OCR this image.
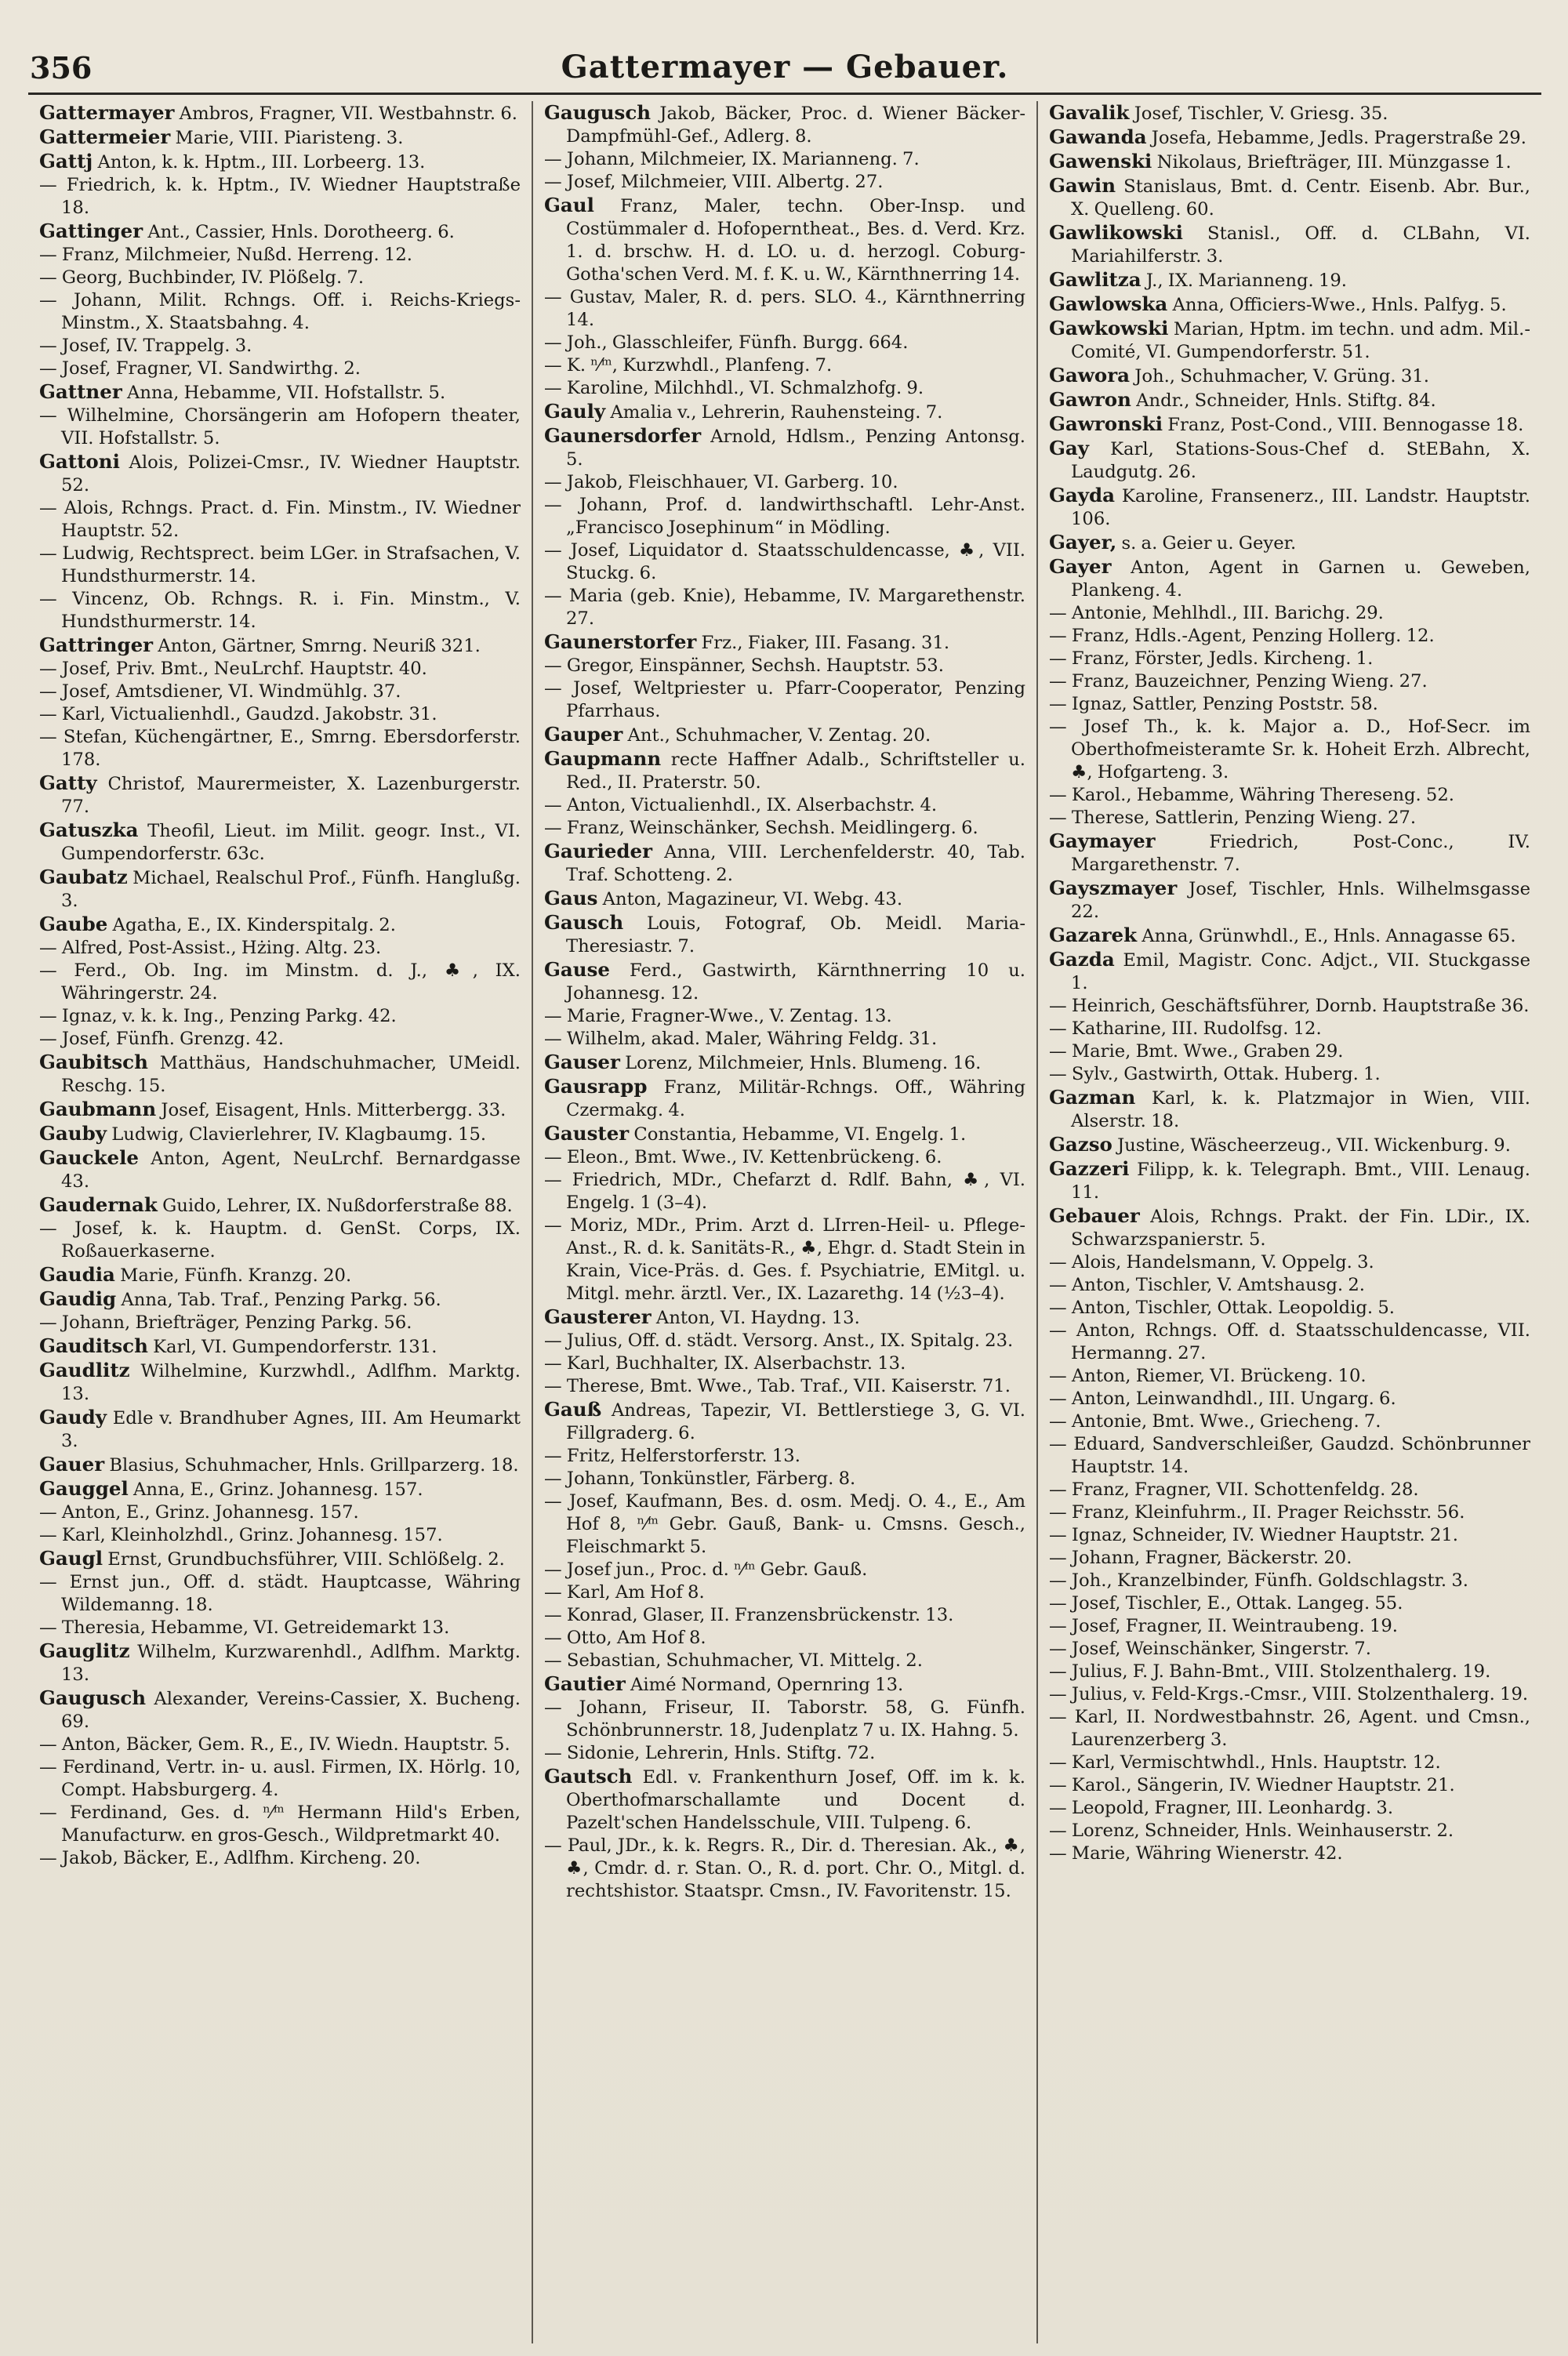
356	Gattermayer — Gebauer.

Gattermayer Ambros, Fragner, VII. Westbahnstr. 6.

Gattermeier Marie, VIII. Piaristeng. 3.

Gattj Anton, k. k. Hptm., III. Lorbeerg. 13.

— Friedrich, k. k. Hptm., IV. Wiedner Hauptstraße 18.

Gattinger Ant., Cassier, Hnls. Dorotheerg. 6.

— Franz, Milchmeier, Nußd. Herreng. 12.

— Georg, Buchbinder, IV. Plößelg. 7.

— Johann, Milit. Rchngs. Off. i. Reichs-Kriegs-Minstm., X. Staatsbahng. 4.

— Josef, IV. Trappelg. 3.

— Josef, Fragner, VI. Sandwirthg. 2.

Gattner Anna, Hebamme, VII. Hofstallstr. 5.

— Wilhelmine, Chorsängerin am Hofopern theater, VII. Hofstallstr. 5.

Gattoni Alois, Polizei-Cmsr., IV. Wiedner Hauptstr. 52.

— Alois, Rchngs. Pract. d. Fin. Minstm., IV. Wiedner Hauptstr. 52.

— Ludwig, Rechtsprect. beim LGer. in Strafsachen, V. Hundsthurmerstr. 14.

— Vincenz, Ob. Rchngs. R. i. Fin. Minstm., V. Hundsthurmerstr. 14.

Gattringer Anton, Gärtner, Smrng. Neuriß 321.

— Josef, Priv. Bmt., NeuLrchf. Hauptstr. 40.

— Josef, Amtsdiener, VI. Windmühlg. 37.

— Karl, Victualienhdl., Gaudzd. Jakobstr. 31.

— Stefan, Küchengärtner, E., Smrng. Ebersdorferstr. 178.

Gatty Christof, Maurermeister, X. Lazenburgerstr. 77.

Gatuszka Theofil, Lieut. im Milit. geogr. Inst., VI. Gumpendorferstr. 63c.

Gaubatz Michael, Realschul Prof., Fünfh. Hanglußg. 3.

Gaube Agatha, E., IX. Kinderspitalg. 2.

— Alfred, Post-Assist., Hżing. Altg. 23.

— Ferd., Ob. Ing. im Minstm. d. J., ♣, IX. Währingerstr. 24.

— Ignaz, v. k. k. Ing., Penzing Parkg. 42.

— Josef, Fünfh. Grenzg. 42.

Gaubitsch Matthäus, Handschuhmacher, UMeidl. Reschg. 15.

Gaubmann Josef, Eisagent, Hnls. Mitterbergg. 33.

Gauby Ludwig, Clavierlehrer, IV. Klagbaumg. 15.

Gauckele Anton, Agent, NeuLrchf. Bernardgasse 43.

Gaudernak Guido, Lehrer, IX. Nußdorferstraße 88.

— Josef, k. k. Hauptm. d. GenSt. Corps, IX. Roßauerkaserne.

Gaudia Marie, Fünfh. Kranzg. 20.

Gaudig Anna, Tab. Traf., Penzing Parkg. 56.

— Johann, Briefträger, Penzing Parkg. 56.

Gauditsch Karl, VI. Gumpendorferstr. 131.

Gaudlitz Wilhelmine, Kurzwhdl., Adlfhm. Marktg. 13.

Gaudy Edle v. Brandhuber Agnes, III. Am Heumarkt 3.

Gauer Blasius, Schuhmacher, Hnls. Grillparzerg. 18.

Gauggel Anna, E., Grinz. Johannesg. 157.

— Anton, E., Grinz. Johannesg. 157.

— Karl, Kleinholzhdl., Grinz. Johannesg. 157.

Gaugl Ernst, Grundbuchsführer, VIII. Schlößelg. 2.

— Ernst jun., Off. d. städt. Hauptcasse, Währing Wildemanng. 18.

— Theresia, Hebamme, VI. Getreidemarkt 13.

Gauglitz Wilhelm, Kurzwarenhdl., Adlfhm. Marktg. 13.

Gaugusch Alexander, Vereins-Cassier, X. Bucheng. 69.

— Anton, Bäcker, Gem. R., E., IV. Wiedn. Hauptstr. 5.

— Ferdinand, Vertr. in- u. ausl. Firmen, IX. Hörlg. 10, Compt. Habsburgerg. 4.

— Ferdinand, Ges. d. ⁿ⁄ᵐ Hermann Hild's Erben, Manufacturw. en gros-Gesch., Wildpretmarkt 40.

— Jakob, Bäcker, E., Adlfhm. Kircheng. 20.

Gaugusch Jakob, Bäcker, Proc. d. Wiener Bäcker-Dampfmühl-Gef., Adlerg. 8.

— Johann, Milchmeier, IX. Marianneng. 7.

— Josef, Milchmeier, VIII. Albertg. 27.

Gaul Franz, Maler, techn. Ober-Insp. und Costümmaler d. Hofoperntheat., Bes. d. Verd. Krz. 1. d. brschw. H. d. LO. u. d. herzogl. Coburg-Gotha'schen Verd. M. f. K. u. W., Kärnthnerring 14.

— Gustav, Maler, R. d. pers. SLO. 4., Kärnthnerring 14.

— Joh., Glasschleifer, Fünfh. Burgg. 664.

— K. ⁿ⁄ᵐ, Kurzwhdl., Planfeng. 7.

— Karoline, Milchhdl., VI. Schmalzhofg. 9.

Gauly Amalia v., Lehrerin, Rauhensteing. 7.

Gaunersdorfer Arnold, Hdlsm., Penzing Antonsg. 5.

— Jakob, Fleischhauer, VI. Garberg. 10.

— Johann, Prof. d. landwirthschaftl. Lehr-Anst. „Francisco Josephinum“ in Mödling.

— Josef, Liquidator d. Staatsschuldencasse, ♣, VII. Stuckg. 6.

— Maria (geb. Knie), Hebamme, IV. Margarethenstr. 27.

Gaunerstorfer Frz., Fiaker, III. Fasang. 31.

— Gregor, Einspänner, Sechsh. Hauptstr. 53.

— Josef, Weltpriester u. Pfarr-Cooperator, Penzing Pfarrhaus.

Gauper Ant., Schuhmacher, V. Zentag. 20.

Gaupmann recte Haffner Adalb., Schriftsteller u. Red., II. Praterstr. 50.

— Anton, Victualienhdl., IX. Alserbachstr. 4.

— Franz, Weinschänker, Sechsh. Meidlingerg. 6.

Gaurieder Anna, VIII. Lerchenfelderstr. 40, Tab. Traf. Schotteng. 2.

Gaus Anton, Magazineur, VI. Webg. 43.

Gausch Louis, Fotograf, Ob. Meidl. Maria-Theresiastr. 7.

Gause Ferd., Gastwirth, Kärnthnerring 10 u. Johannesg. 12.

— Marie, Fragner-Wwe., V. Zentag. 13.

— Wilhelm, akad. Maler, Währing Feldg. 31.

Gauser Lorenz, Milchmeier, Hnls. Blumeng. 16.

Gausrapp Franz, Militär-Rchngs. Off., Währing Czermakg. 4.

Gauster Constantia, Hebamme, VI. Engelg. 1.

— Eleon., Bmt. Wwe., IV. Kettenbrückeng. 6.

— Friedrich, MDr., Chefarzt d. Rdlf. Bahn, ♣, VI. Engelg. 1 (3–4).

— Moriz, MDr., Prim. Arzt d. LIrren-Heil- u. Pflege-Anst., R. d. k. Sanitäts-R., ♣, Ehgr. d. Stadt Stein in Krain, Vice-Präs. d. Ges. f. Psychiatrie, EMitgl. u. Mitgl. mehr. ärztl. Ver., IX. Lazarethg. 14 (½3–4).

Gausterer Anton, VI. Haydng. 13.

— Julius, Off. d. städt. Versorg. Anst., IX. Spitalg. 23.

— Karl, Buchhalter, IX. Alserbachstr. 13.

— Therese, Bmt. Wwe., Tab. Traf., VII. Kaiserstr. 71.

Gauß Andreas, Tapezir, VI. Bettlerstiege 3, G. VI. Fillgraderg. 6.

— Fritz, Helferstorferstr. 13.

— Johann, Tonkünstler, Färberg. 8.

— Josef, Kaufmann, Bes. d. osm. Medj. O. 4., E., Am Hof 8, ⁿ⁄ᵐ Gebr. Gauß, Bank- u. Cmsns. Gesch., Fleischmarkt 5.

— Josef jun., Proc. d. ⁿ⁄ᵐ Gebr. Gauß.

— Karl, Am Hof 8.

— Konrad, Glaser, II. Franzensbrückenstr. 13.

— Otto, Am Hof 8.

— Sebastian, Schuhmacher, VI. Mittelg. 2.

Gautier Aimé Normand, Opernring 13.

— Johann, Friseur, II. Taborstr. 58, G. Fünfh. Schönbrunnerstr. 18, Judenplatz 7 u. IX. Hahng. 5.

— Sidonie, Lehrerin, Hnls. Stiftg. 72.

Gautsch Edl. v. Frankenthurn Josef, Off. im k. k. Oberthofmarschallamte und Docent d. Pazelt'schen Handelsschule, VIII. Tulpeng. 6.

— Paul, JDr., k. k. Regrs. R., Dir. d. Theresian. Ak., ♣, ♣, Cmdr. d. r. Stan. O., R. d. port. Chr. O., Mitgl. d. rechtshistor. Staatspr. Cmsn., IV. Favoritenstr. 15.

Gavalik Josef, Tischler, V. Griesg. 35.

Gawanda Josefa, Hebamme, Jedls. Pragerstraße 29.

Gawenski Nikolaus, Briefträger, III. Münzgasse 1.

Gawin Stanislaus, Bmt. d. Centr. Eisenb. Abr. Bur., X. Quelleng. 60.

Gawlikowski Stanisl., Off. d. CLBahn, VI. Mariahilferstr. 3.

Gawlitza J., IX. Marianneng. 19.

Gawlowska Anna, Officiers-Wwe., Hnls. Palfyg. 5.

Gawkowski Marian, Hptm. im techn. und adm. Mil.-Comité, VI. Gumpendorferstr. 51.

Gawora Joh., Schuhmacher, V. Grüng. 31.

Gawron Andr., Schneider, Hnls. Stiftg. 84.

Gawronski Franz, Post-Cond., VIII. Bennogasse 18.

Gay Karl, Stations-Sous-Chef d. StEBahn, X. Laudgutg. 26.

Gayda Karoline, Fransenerz., III. Landstr. Hauptstr. 106.

Gayer, s. a. Geier u. Geyer.

Gayer Anton, Agent in Garnen u. Geweben, Plankeng. 4.

— Antonie, Mehlhdl., III. Barichg. 29.

— Franz, Hdls.-Agent, Penzing Hollerg. 12.

— Franz, Förster, Jedls. Kircheng. 1.

— Franz, Bauzeichner, Penzing Wieng. 27.

— Ignaz, Sattler, Penzing Poststr. 58.

— Josef Th., k. k. Major a. D., Hof-Secr. im Oberthofmeisteramte Sr. k. Hoheit Erzh. Albrecht, ♣, Hofgarteng. 3.

— Karol., Hebamme, Währing Thereseng. 52.

— Therese, Sattlerin, Penzing Wieng. 27.

Gaymayer Friedrich, Post-Conc., IV. Margarethenstr. 7.

Gayszmayer Josef, Tischler, Hnls. Wilhelmsgasse 22.

Gazarek Anna, Grünwhdl., E., Hnls. Annagasse 65.

Gazda Emil, Magistr. Conc. Adjct., VII. Stuckgasse 1.

— Heinrich, Geschäftsführer, Dornb. Hauptstraße 36.

— Katharine, III. Rudolfsg. 12.

— Marie, Bmt. Wwe., Graben 29.

— Sylv., Gastwirth, Ottak. Huberg. 1.

Gazman Karl, k. k. Platzmajor in Wien, VIII. Alserstr. 18.

Gazso Justine, Wäscheerzeug., VII. Wickenburg. 9.

Gazzeri Filipp, k. k. Telegraph. Bmt., VIII. Lenaug. 11.

Gebauer Alois, Rchngs. Prakt. der Fin. LDir., IX. Schwarzspanierstr. 5.

— Alois, Handelsmann, V. Oppelg. 3.

— Anton, Tischler, V. Amtshausg. 2.

— Anton, Tischler, Ottak. Leopoldig. 5.

— Anton, Rchngs. Off. d. Staatsschuldencasse, VII. Hermanng. 27.

— Anton, Riemer, VI. Brückeng. 10.

— Anton, Leinwandhdl., III. Ungarg. 6.

— Antonie, Bmt. Wwe., Griecheng. 7.

— Eduard, Sandverschleißer, Gaudzd. Schönbrunner Hauptstr. 14.

— Franz, Fragner, VII. Schottenfeldg. 28.

— Franz, Kleinfuhrm., II. Prager Reichsstr. 56.

— Ignaz, Schneider, IV. Wiedner Hauptstr. 21.

— Johann, Fragner, Bäckerstr. 20.

— Joh., Kranzelbinder, Fünfh. Goldschlagstr. 3.

— Josef, Tischler, E., Ottak. Langeg. 55.

— Josef, Fragner, II. Weintraubeng. 19.

— Josef, Weinschänker, Singerstr. 7.

— Julius, F. J. Bahn-Bmt., VIII. Stolzenthalerg. 19.

— Julius, v. Feld-Krgs.-Cmsr., VIII. Stolzenthalerg. 19.

— Karl, II. Nordwestbahnstr. 26, Agent. und Cmsn., Laurenzerberg 3.

— Karl, Vermischtwhdl., Hnls. Hauptstr. 12.

— Karol., Sängerin, IV. Wiedner Hauptstr. 21.

— Leopold, Fragner, III. Leonhardg. 3.

— Lorenz, Schneider, Hnls. Weinhauserstr. 2.

— Marie, Währing Wienerstr. 42.
